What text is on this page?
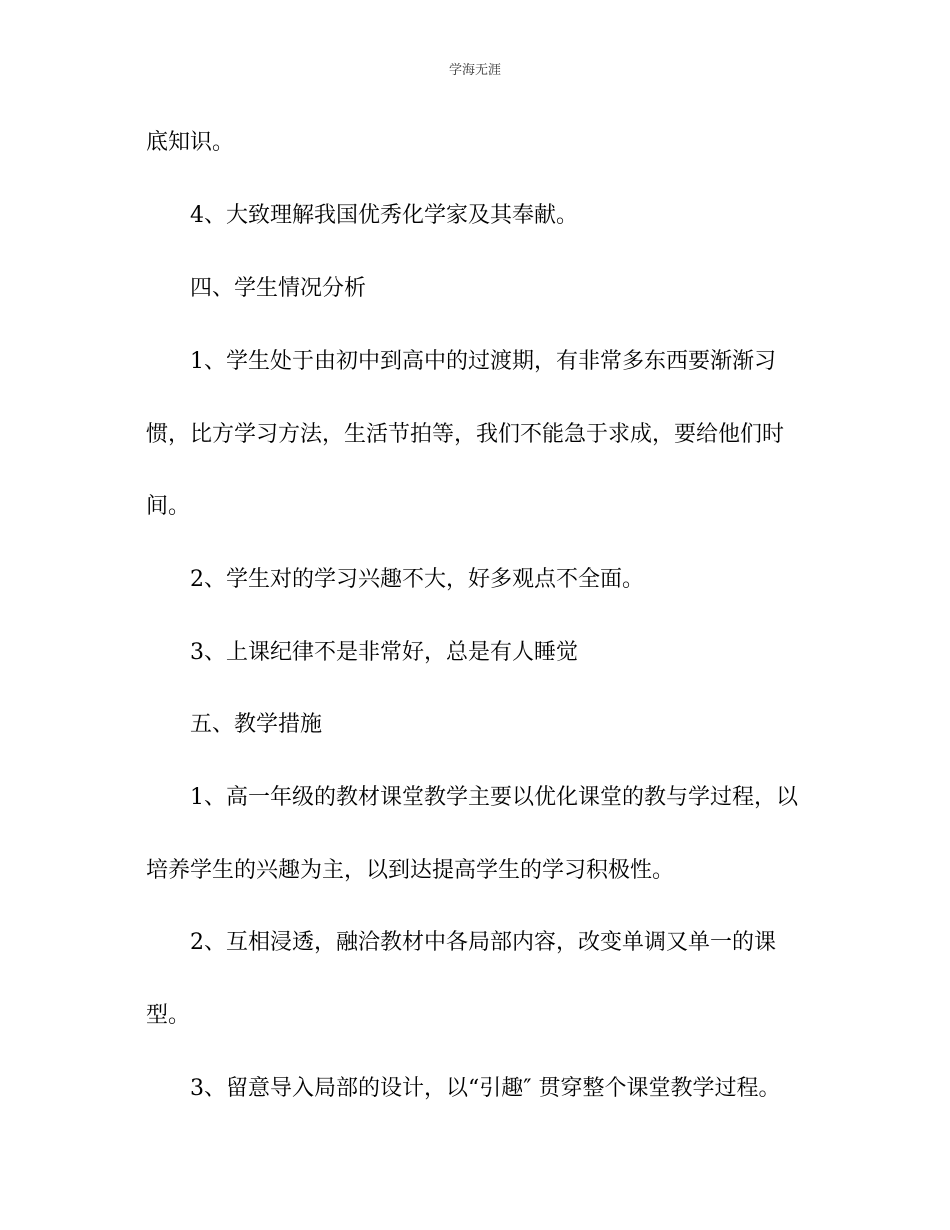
学海无涯
底知识。
4、大致理解我国优秀化学家及其奉献。
四、学生情况分析
1、学生处于由初中到高中的过渡期，有非常多东西要渐渐习
惯，比方学习方法，生活节拍等，我们不能急于求成，要给他们时
间。
2、学生对的学习兴趣不大，好多观点不全面。
3、上课纪律不是非常好，总是有人睡觉
五、教学措施
1、高一年级的教材课堂教学主要以优化课堂的教与学过程，以
培养学生的兴趣为主，以到达提高学生的学习积极性。
2、互相浸透，融洽教材中各局部内容，改变单调又单一的课
型。
3、留意导入局部的设计，以“引趣″ 贯穿整个课堂教学过程。
